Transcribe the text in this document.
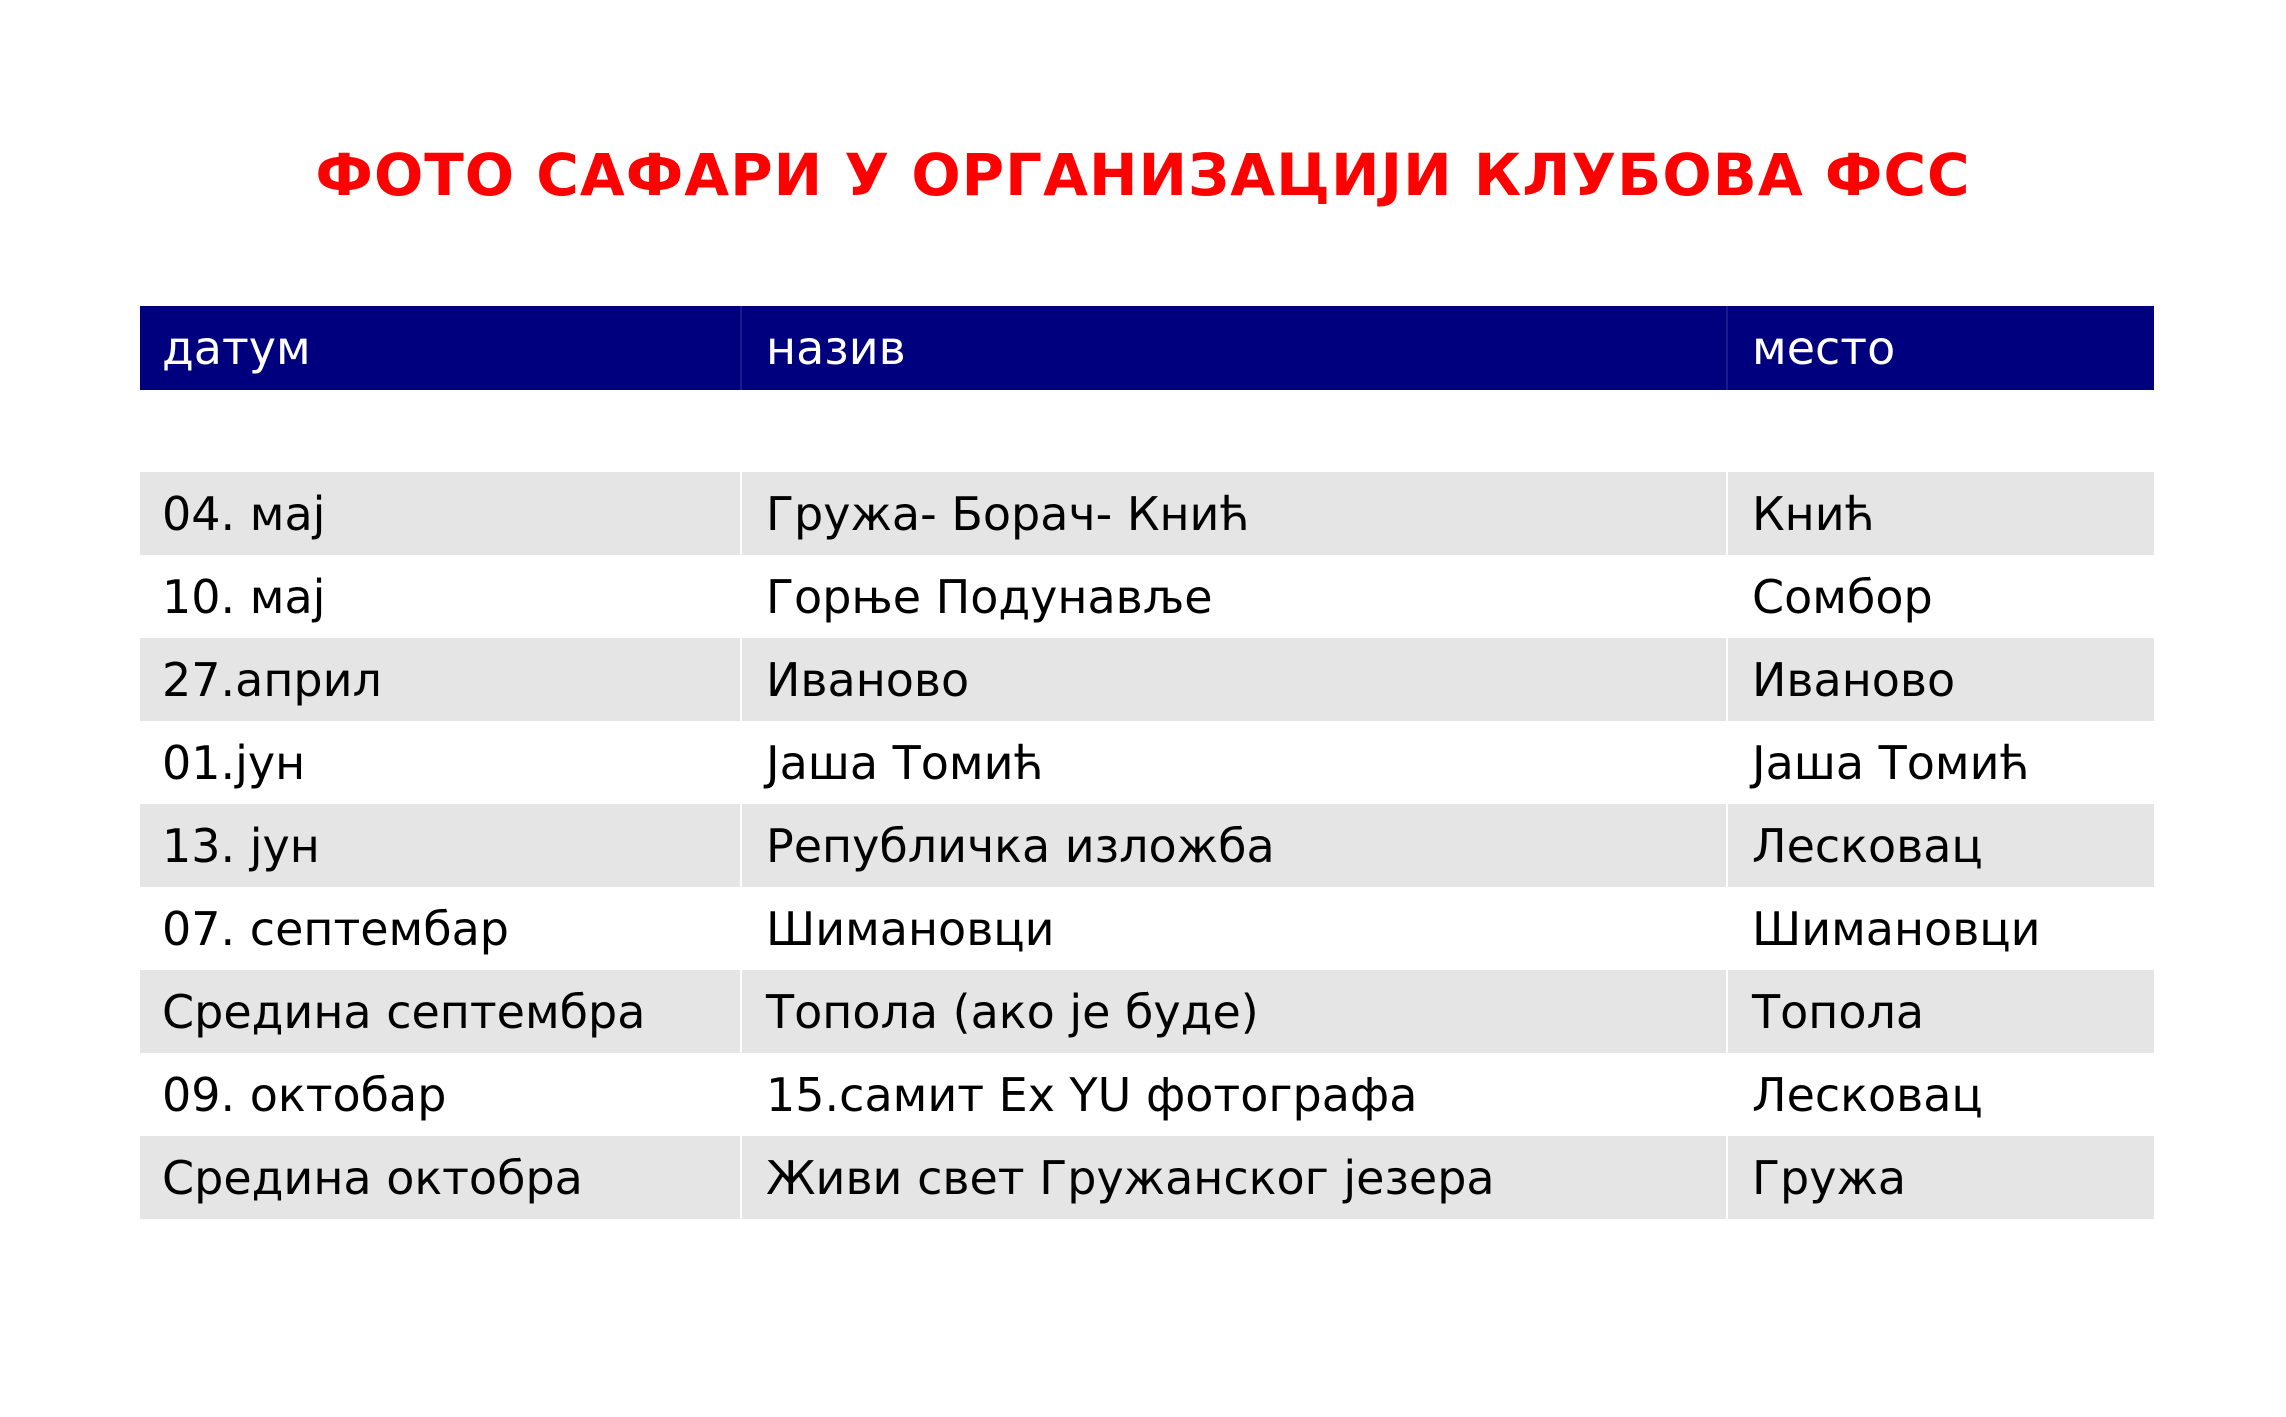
ФОТО САФАРИ У ОРГАНИЗАЦИЈИ КЛУБОВА ФСС
датум	назив	место
04. мај	Гружа- Борач- Кнић	Кнић
10. мај	Горње Подунавље	Сомбор
27.април	Иваново	Иваново
01.јун	Јаша Томић	Јаша Томић
13. јун	Републичка изложба	Лесковац
07. септембар	Шимановци	Шимановци
Средина септембра	Топола (ако је буде)	Топола
09. октобар	15.самит Ex YU фотографа	Лесковац
Средина октобра	Живи свет Гружанског језера	Гружа
